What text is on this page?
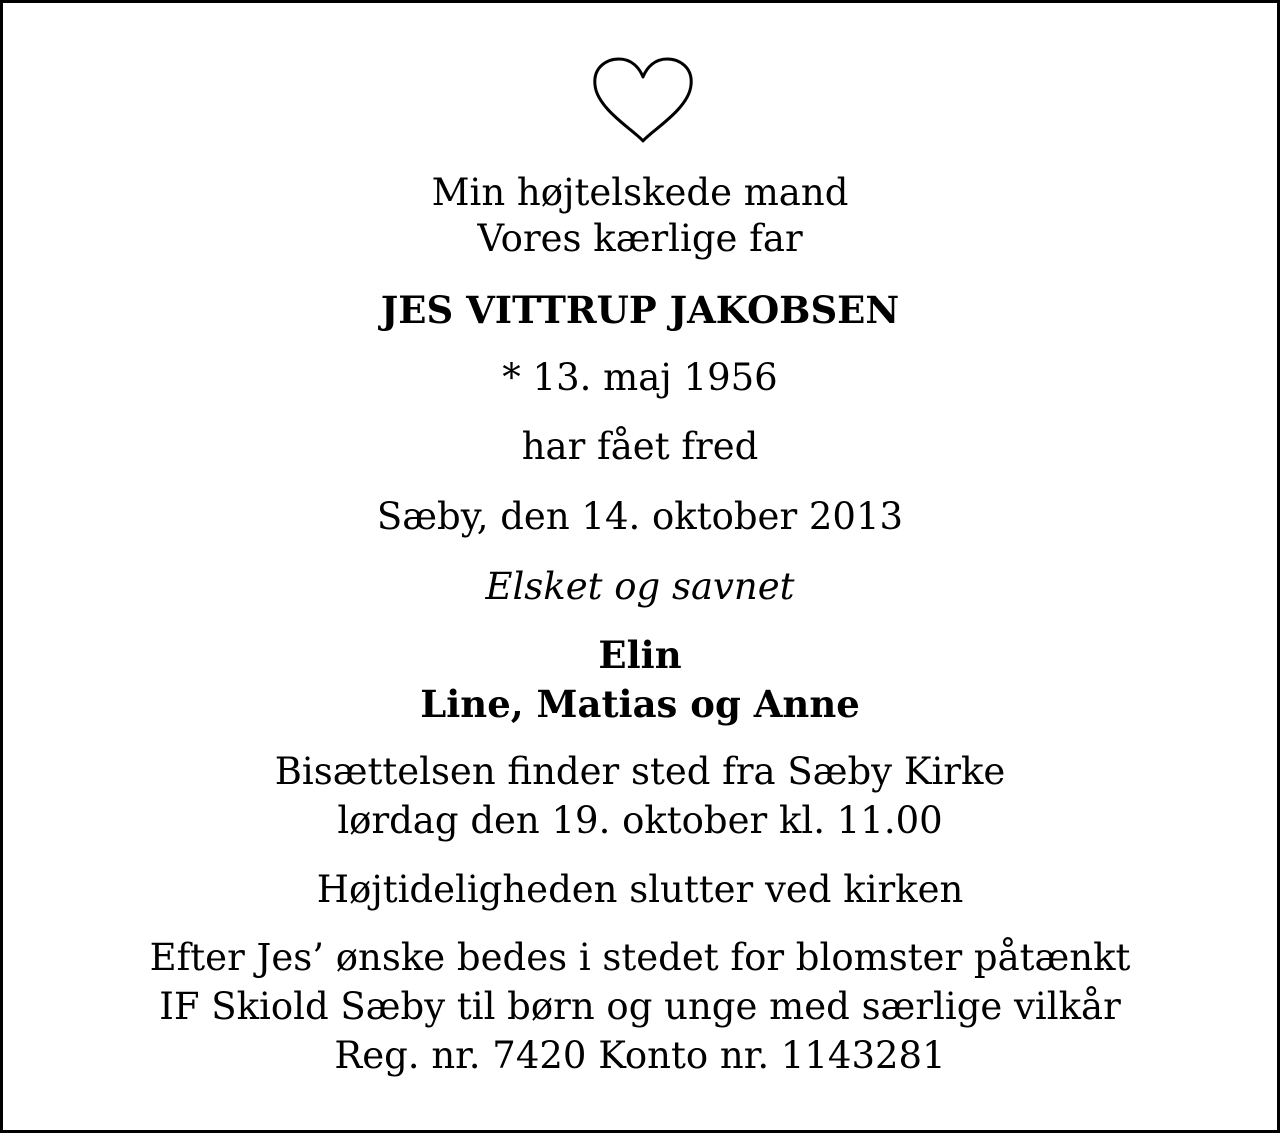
Min højtelskede mand
Vores kærlige far
JES VITTRUP JAKOBSEN
* 13. maj 1956
har fået fred
Sæby, den 14. oktober 2013
Elsket og savnet
Elin
Line, Matias og Anne
Bisættelsen finder sted fra Sæby Kirke
lørdag den 19. oktober kl. 11.00
Højtideligheden slutter ved kirken
Efter Jes’ ønske bedes i stedet for blomster påtænkt
IF Skiold Sæby til børn og unge med særlige vilkår
Reg. nr. 7420 Konto nr. 1143281
